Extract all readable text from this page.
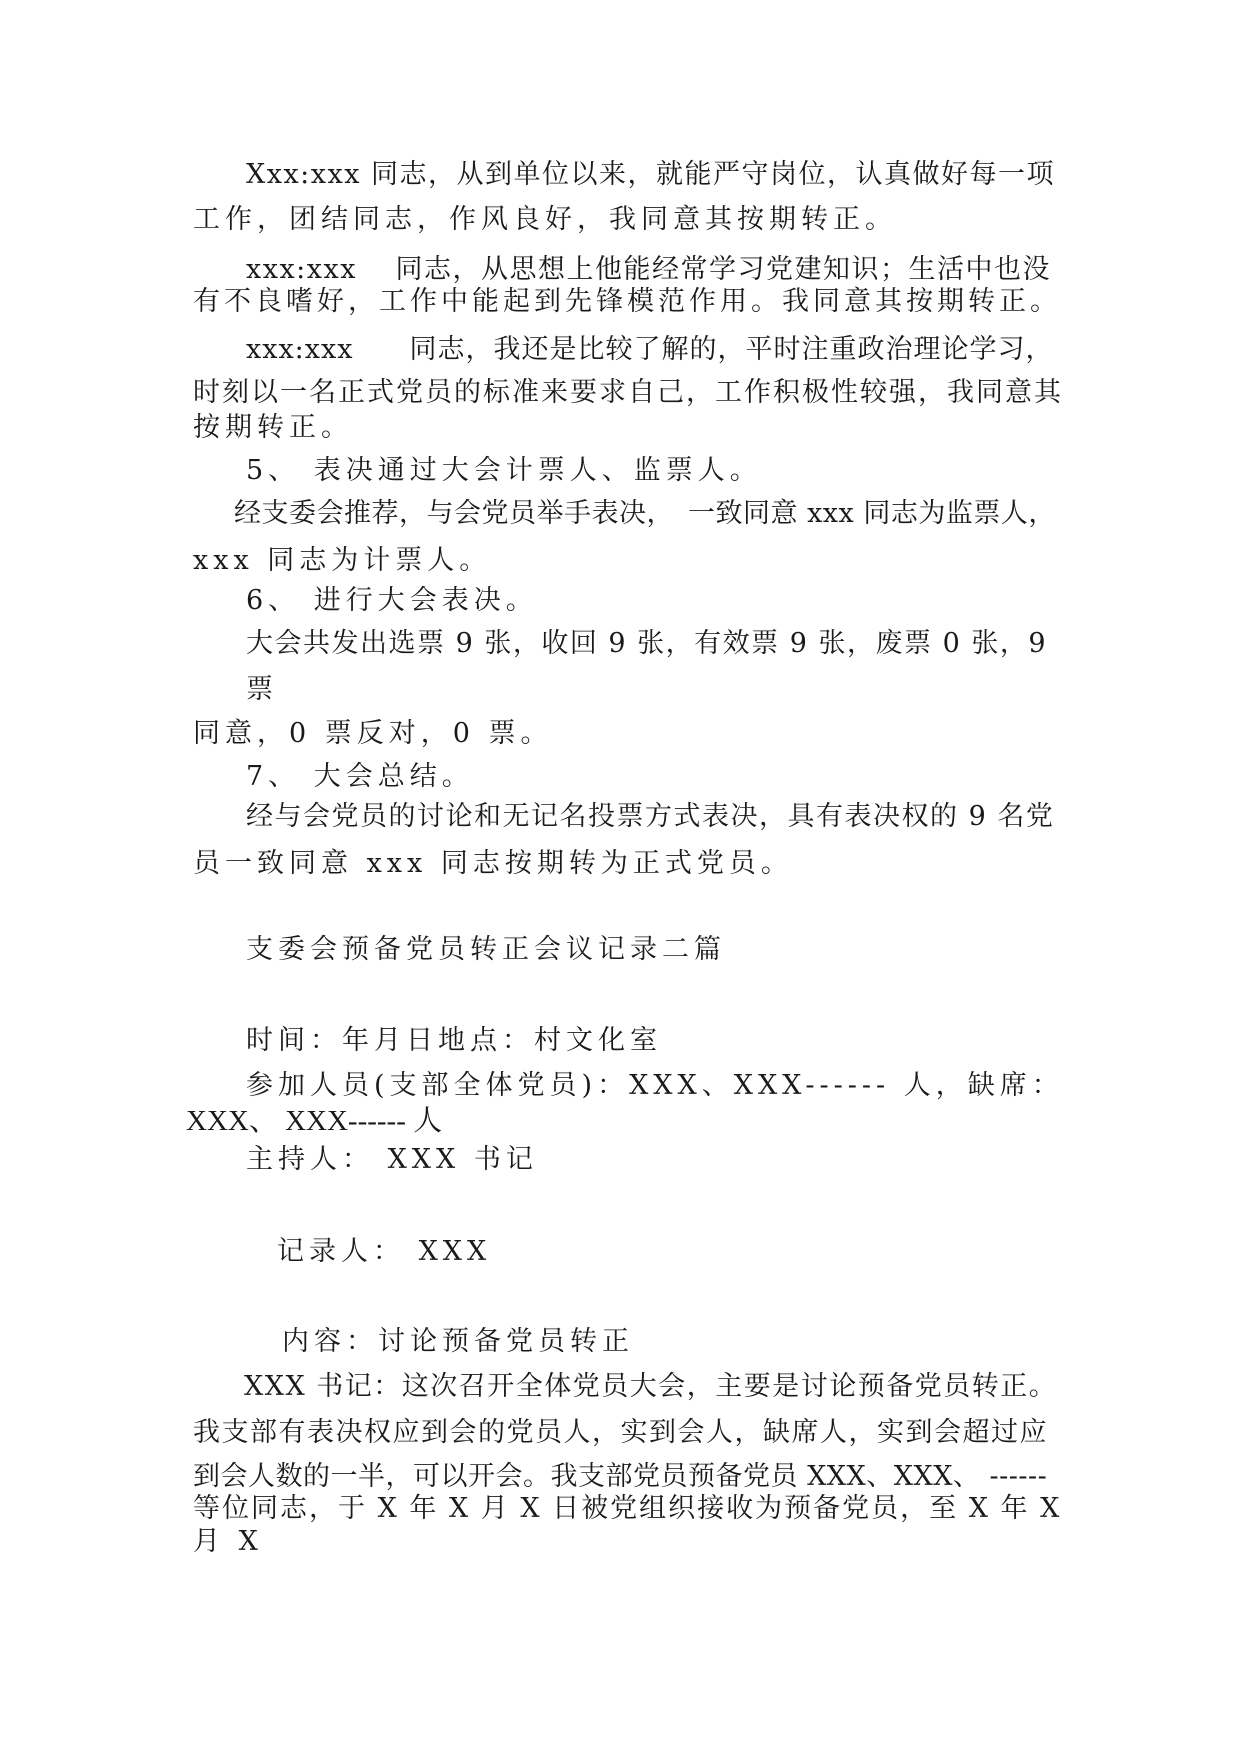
Xxx:xxx 同志，从到单位以来，就能严守岗位，认真做好每一项

工作，团结同志，作风良好，我同意其按期转正。

xxx:xxx　 同志，从思想上他能经常学习党建知识；生活中也没

有不良嗜好，工作中能起到先锋模范作用。我同意其按期转正。

xxx:xxx　　同志，我还是比较了解的，平时注重政治理论学习，

时刻以一名正式党员的标准来要求自己，工作积极性较强，我同意其

按期转正。

5、 表决通过大会计票人、监票人。

经支委会推荐，与会党员举手表决，　一致同意 xxx 同志为监票人，

xxx 同志为计票人。

6、 进行大会表决。

大会共发出选票 9 张，收回 9 张，有效票 9 张，废票 0 张，9

票

同意，0 票反对，0 票。

7、 大会总结。

经与会党员的讨论和无记名投票方式表决，具有表决权的 9 名党

员一致同意 xxx 同志按期转为正式党员。

支委会预备党员转正会议记录二篇

时间：年月日地点：村文化室

参加人员(支部全体党员)：XXX、XXX------ 人，缺席：

XXX、 XXX------ 人

主持人： XXX 书记

记录人： XXX

内容：讨论预备党员转正

XXX 书记：这次召开全体党员大会，主要是讨论预备党员转正。

我支部有表决权应到会的党员人，实到会人，缺席人，实到会超过应

到会人数的一半，可以开会。我支部党员预备党员 XXX、XXX、 ------

等位同志，于 X 年 X 月 X 日被党组织接收为预备党员，至 X 年 X

月 X
